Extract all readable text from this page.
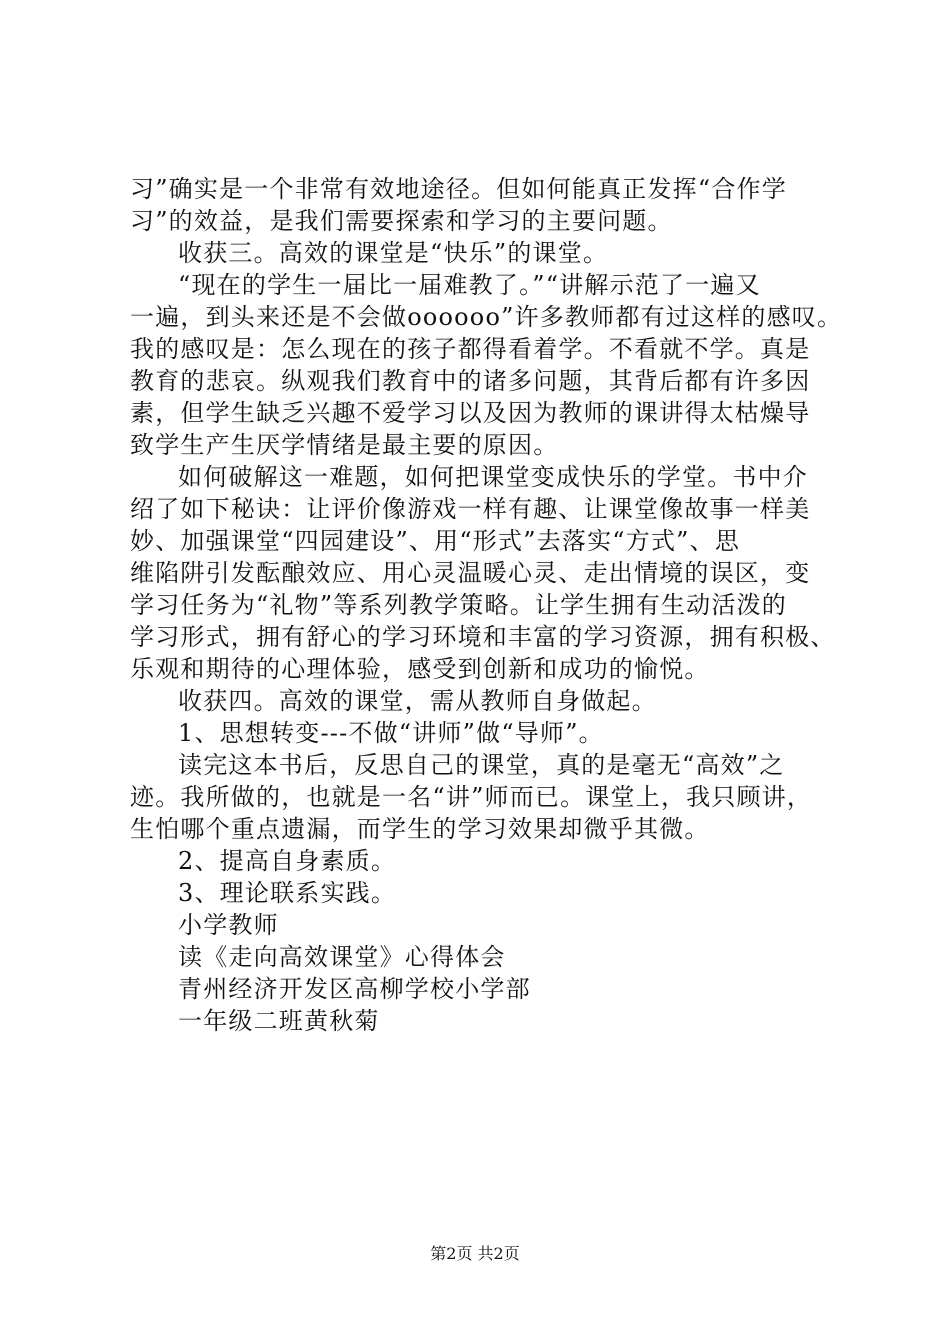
习”确实是一个非常有效地途径。但如何能真正发挥“合作学
习”的效益，是我们需要探索和学习的主要问题。
收获三。高效的课堂是“快乐”的课堂。
“现在的学生一届比一届难教了。”“讲解示范了一遍又
一遍，到头来还是不会做oooooo”许多教师都有过这样的感叹。
我的感叹是：怎么现在的孩子都得看着学。不看就不学。真是
教育的悲哀。纵观我们教育中的诸多问题，其背后都有许多因
素，但学生缺乏兴趣不爱学习以及因为教师的课讲得太枯燥导
致学生产生厌学情绪是最主要的原因。
如何破解这一难题，如何把课堂变成快乐的学堂。书中介
绍了如下秘诀：让评价像游戏一样有趣、让课堂像故事一样美
妙、加强课堂“四园建设”、用“形式”去落实“方式”、思
维陷阱引发酝酿效应、用心灵温暖心灵、走出情境的误区，变
学习任务为“礼物”等系列教学策略。让学生拥有生动活泼的
学习形式，拥有舒心的学习环境和丰富的学习资源，拥有积极、
乐观和期待的心理体验，感受到创新和成功的愉悦。
收获四。高效的课堂，需从教师自身做起。
1、思想转变---不做“讲师”做“导师”。
读完这本书后，反思自己的课堂，真的是毫无“高效”之
迹。我所做的，也就是一名“讲”师而已。课堂上，我只顾讲，
生怕哪个重点遗漏，而学生的学习效果却微乎其微。
2、提高自身素质。
3、理论联系实践。
小学教师
读《走向高效课堂》心得体会
青州经济开发区高柳学校小学部
一年级二班黄秋菊
第2页 共2页
